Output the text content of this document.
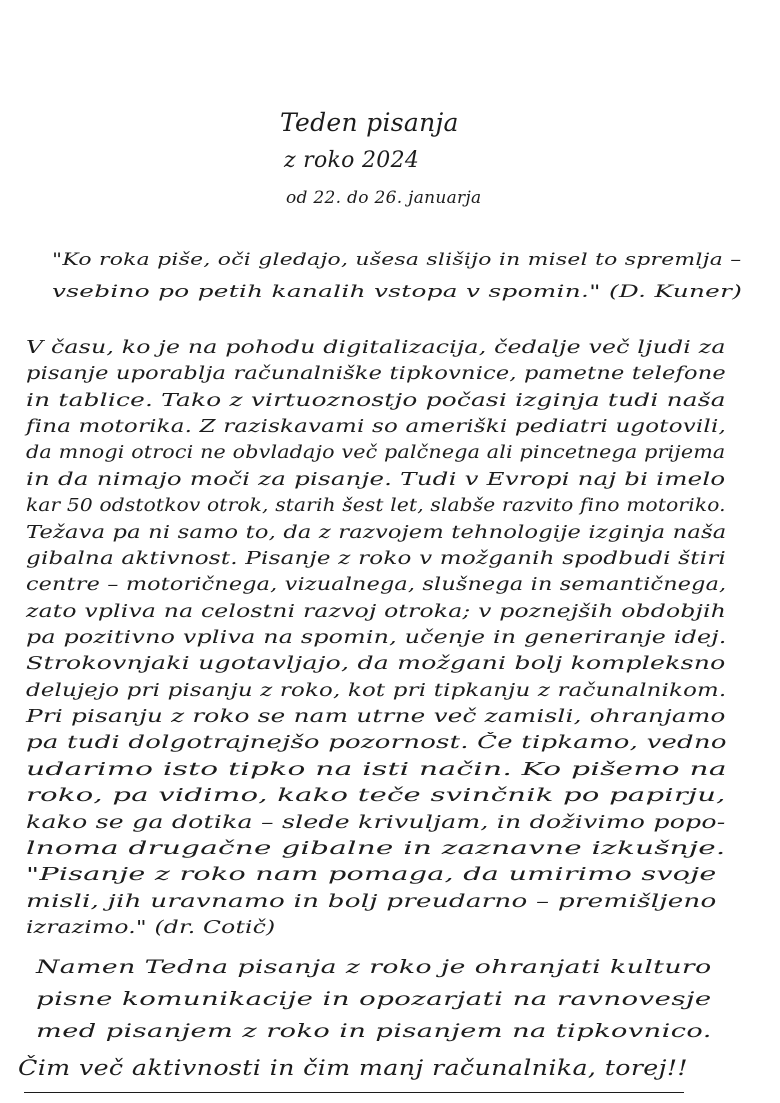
Teden pisanja
z roko 2024
od 22. do 26. januarja
"Ko roka piše, oči gledajo, ušesa slišijo in misel to spremlja –
vsebino po petih kanalih vstopa v spomin." (D. Kuner)
V času, ko je na pohodu digitalizacija, čedalje več ljudi za
pisanje uporablja računalniške tipkovnice, pametne telefone
in tablice. Tako z virtuoznostjo počasi izginja tudi naša
fina motorika. Z raziskavami so ameriški pediatri ugotovili,
da mnogi otroci ne obvladajo več palčnega ali pincetnega prijema
in da nimajo moči za pisanje. Tudi v Evropi naj bi imelo
kar 50 odstotkov otrok, starih šest let, slabše razvito fino motoriko.
Težava pa ni samo to, da z razvojem tehnologije izginja naša
gibalna aktivnost. Pisanje z roko v možganih spodbudi štiri
centre – motoričnega, vizualnega, slušnega in semantičnega,
zato vpliva na celostni razvoj otroka; v poznejših obdobjih
pa pozitivno vpliva na spomin, učenje in generiranje idej.
Strokovnjaki ugotavljajo, da možgani bolj kompleksno
delujejo pri pisanju z roko, kot pri tipkanju z računalnikom.
Pri pisanju z roko se nam utrne več zamisli, ohranjamo
pa tudi dolgotrajnejšo pozornost. Če tipkamo, vedno
udarimo isto tipko na isti način. Ko pišemo na
roko, pa vidimo, kako teče svinčnik po papirju,
kako se ga dotika – slede krivuljam, in doživimo popo-
lnoma drugačne gibalne in zaznavne izkušnje.
"Pisanje z roko nam pomaga, da umirimo svoje
misli, jih uravnamo in bolj preudarno – premišljeno
izrazimo." (dr. Cotič)
Namen Tedna pisanja z roko je ohranjati kulturo
pisne komunikacije in opozarjati na ravnovesje
med pisanjem z roko in pisanjem na tipkovnico.
Čim več aktivnosti in čim manj računalnika, torej!!
